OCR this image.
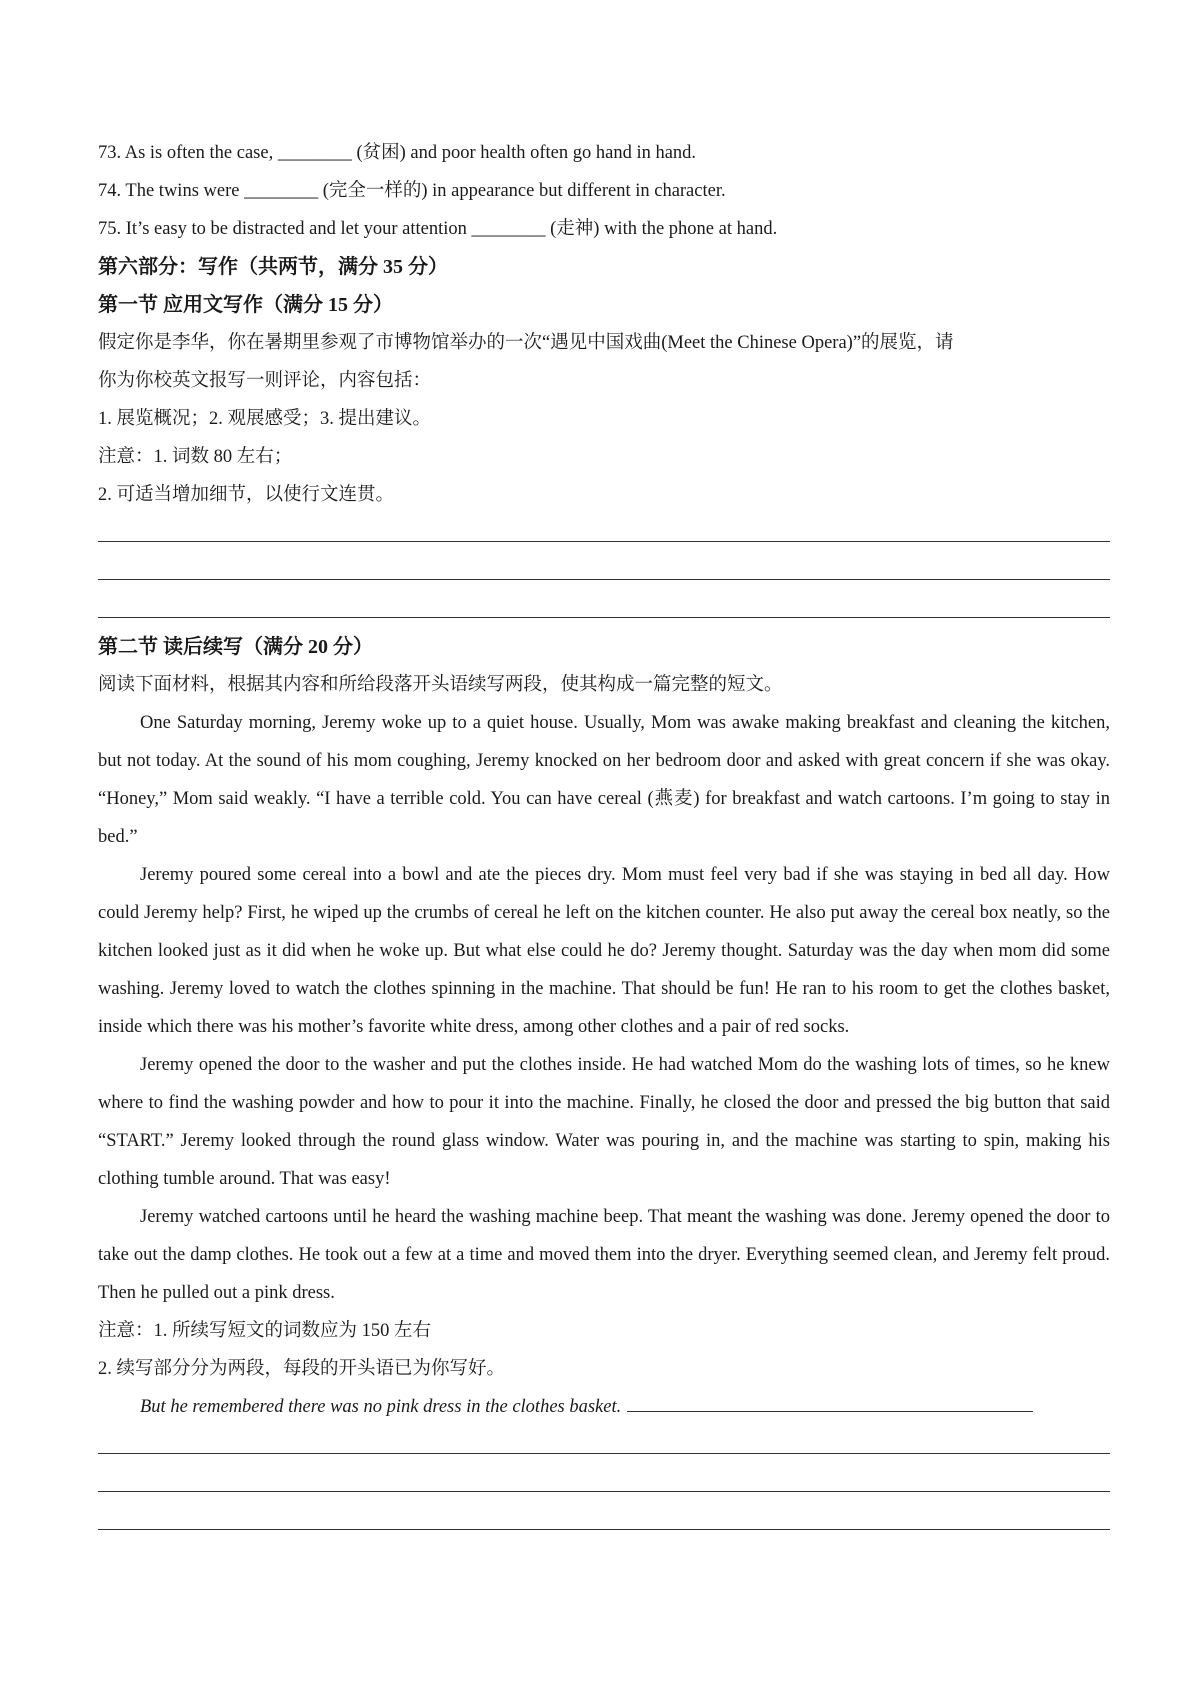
73. As is often the case, ________ (贫困) and poor health often go hand in hand.
74. The twins were ________ (完全一样的) in appearance but different in character.
75. It’s easy to be distracted and let your attention ________ (走神) with the phone at hand.
第六部分：写作（共两节，满分 35 分）
第一节 应用文写作（满分 15 分）
假定你是李华，你在暑期里参观了市博物馆举办的一次“遇见中国戏曲(Meet the Chinese Opera)”的展览，请
你为你校英文报写一则评论，内容包括：
1. 展览概况；2. 观展感受；3. 提出建议。
注意：1. 词数 80 左右；
2. 可适当增加细节，以使行文连贯。
第二节 读后续写（满分 20 分）
阅读下面材料，根据其内容和所给段落开头语续写两段，使其构成一篇完整的短文。

One Saturday morning, Jeremy woke up to a quiet house. Usually, Mom was awake making breakfast and cleaning the kitchen, but not today. At the sound of his mom coughing, Jeremy knocked on her bedroom door and asked with great concern if she was okay. “Honey,” Mom said weakly. “I have a terrible cold. You can have cereal (燕麦) for breakfast and watch cartoons. I’m going to stay in bed.”

Jeremy poured some cereal into a bowl and ate the pieces dry. Mom must feel very bad if she was staying in bed all day. How could Jeremy help? First, he wiped up the crumbs of cereal he left on the kitchen counter. He also put away the cereal box neatly, so the kitchen looked just as it did when he woke up. But what else could he do? Jeremy thought. Saturday was the day when mom did some washing. Jeremy loved to watch the clothes spinning in the machine. That should be fun! He ran to his room to get the clothes basket, inside which there was his mother’s favorite white dress, among other clothes and a pair of red socks.

Jeremy opened the door to the washer and put the clothes inside. He had watched Mom do the washing lots of times, so he knew where to find the washing powder and how to pour it into the machine. Finally, he closed the door and pressed the big button that said “START.” Jeremy looked through the round glass window. Water was pouring in, and the machine was starting to spin, making his clothing tumble around. That was easy!

Jeremy watched cartoons until he heard the washing machine beep. That meant the washing was done. Jeremy opened the door to take out the damp clothes. He took out a few at a time and moved them into the dryer. Everything seemed clean, and Jeremy felt proud. Then he pulled out a pink dress.

注意：1. 所续写短文的词数应为 150 左右
2. 续写部分分为两段，每段的开头语已为你写好。
But he remembered there was no pink dress in the clothes basket.
